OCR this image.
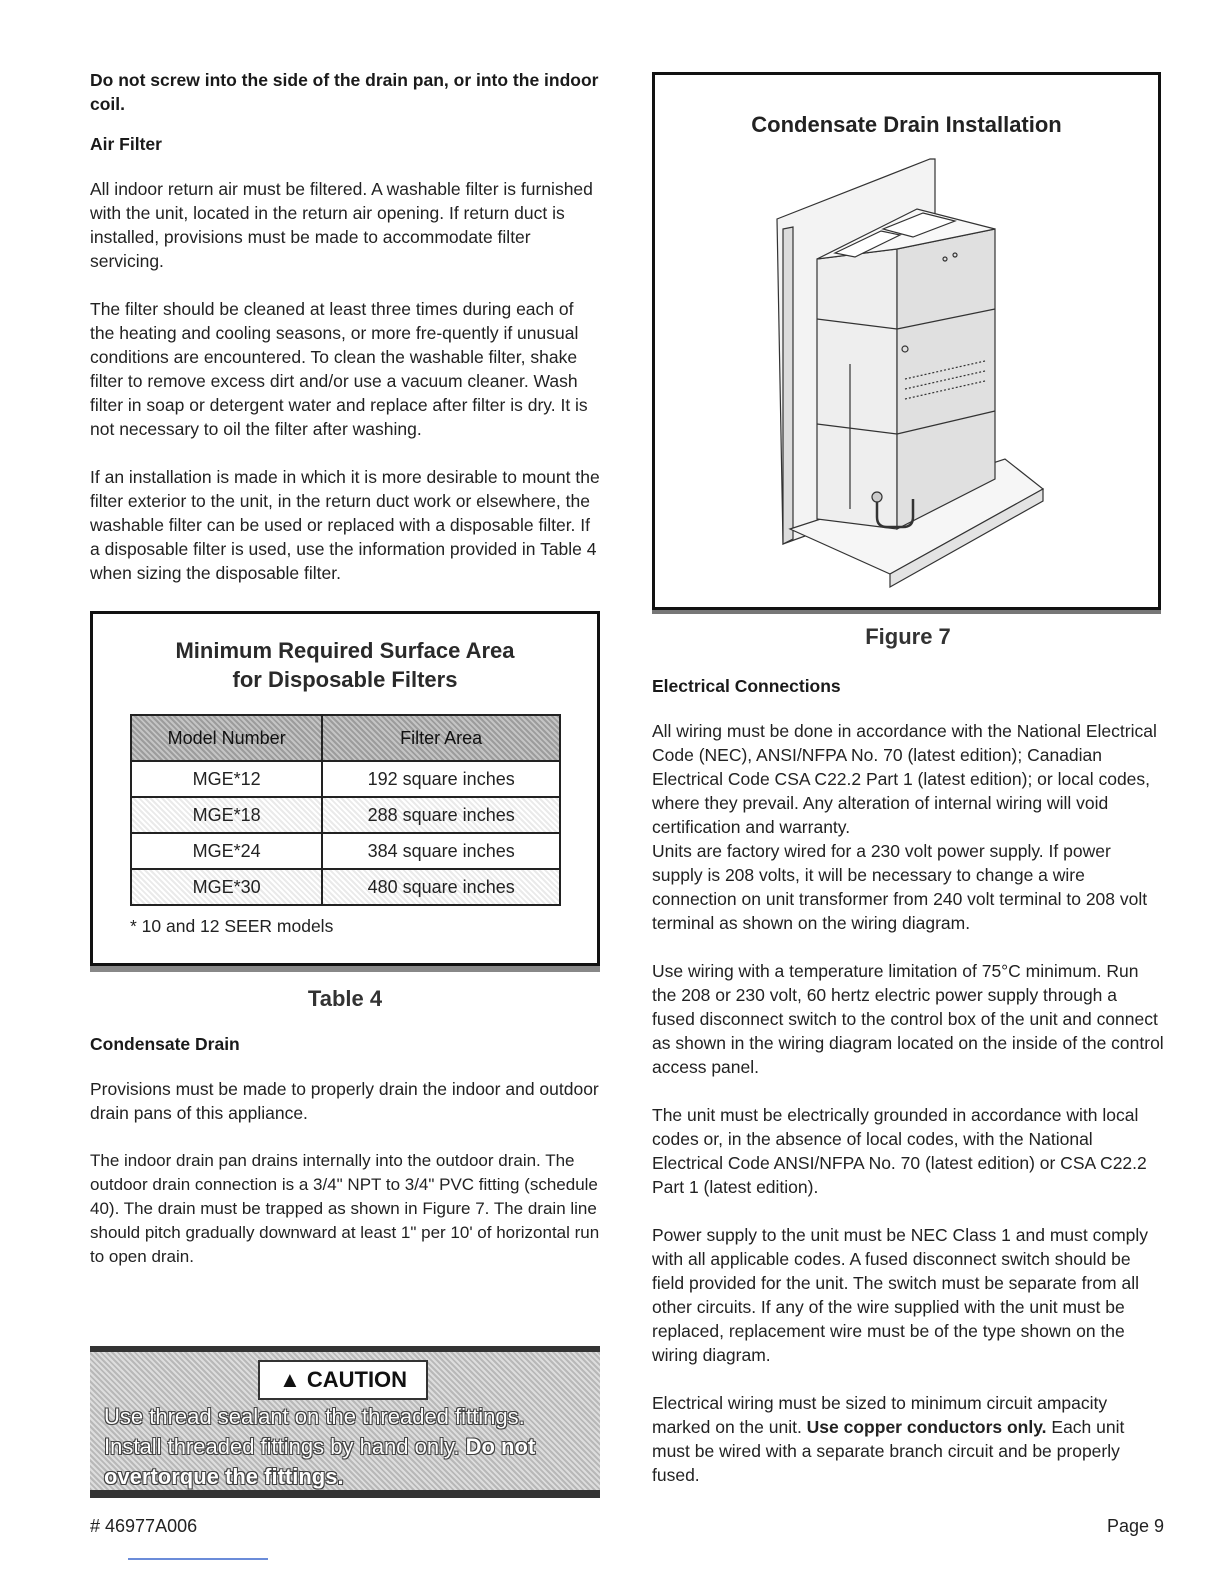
Do not screw into the side of the drain pan, or into the indoor coil.

Air Filter

All indoor return air must be filtered. A washable filter is furnished with the unit, located in the return air opening. If return duct is installed, provisions must be made to accommodate filter servicing.

The filter should be cleaned at least three times during each of the heating and cooling seasons, or more fre-quently if unusual conditions are encountered. To clean the washable filter, shake filter to remove excess dirt and/or use a vacuum cleaner. Wash filter in soap or detergent water and replace after filter is dry. It is not necessary to oil the filter after washing.

If an installation is made in which it is more desirable to mount the filter exterior to the unit, in the return duct work or elsewhere, the washable filter can be used or replaced with a disposable filter. If a disposable filter is used, use the information provided in Table 4 when sizing the disposable filter.

Minimum Required Surface Area
for Disposable Filters
Model Number	Filter Area
MGE*12	192 square inches
MGE*18	288 square inches
MGE*24	384 square inches
MGE*30	480 square inches
* 10 and 12 SEER models
Table 4
Condensate Drain

Provisions must be made to properly drain the indoor and outdoor drain pans of this appliance.

The indoor drain pan drains internally into the outdoor drain. The outdoor drain connection is a 3/4" NPT to 3/4" PVC fitting (schedule 40). The drain must be trapped as shown in Figure 7. The drain line should pitch gradually downward at least 1" per 10' of horizontal run to open drain.

▲ CAUTION
Use thread sealant on the threaded fittings.
Install threaded fittings by hand only. Do not overtorque the fittings.
Condensate Drain Installation
Figure 7
Electrical Connections

All wiring must be done in accordance with the National Electrical Code (NEC), ANSI/NFPA No. 70 (latest edition); Canadian Electrical Code CSA C22.2 Part 1 (latest edition); or local codes, where they prevail. Any alteration of internal wiring will void certification and warranty.

Units are factory wired for a 230 volt power supply. If power supply is 208 volts, it will be necessary to change a wire connection on unit transformer from 240 volt terminal to 208 volt terminal as shown on the wiring diagram.

Use wiring with a temperature limitation of 75°C minimum. Run the 208 or 230 volt, 60 hertz electric power supply through a fused disconnect switch to the control box of the unit and connect as shown in the wiring diagram located on the inside of the control access panel.

The unit must be electrically grounded in accordance with local codes or, in the absence of local codes, with the National Electrical Code ANSI/NFPA No. 70 (latest edition) or CSA C22.2 Part 1 (latest edition).

Power supply to the unit must be NEC Class 1 and must comply with all applicable codes. A fused disconnect switch should be field provided for the unit. The switch must be separate from all other circuits. If any of the wire supplied with the unit must be replaced, replacement wire must be of the type shown on the wiring diagram.

Electrical wiring must be sized to minimum circuit ampacity marked on the unit. Use copper conductors only. Each unit must be wired with a separate branch circuit and be properly fused.

# 46977A006	Page 9
